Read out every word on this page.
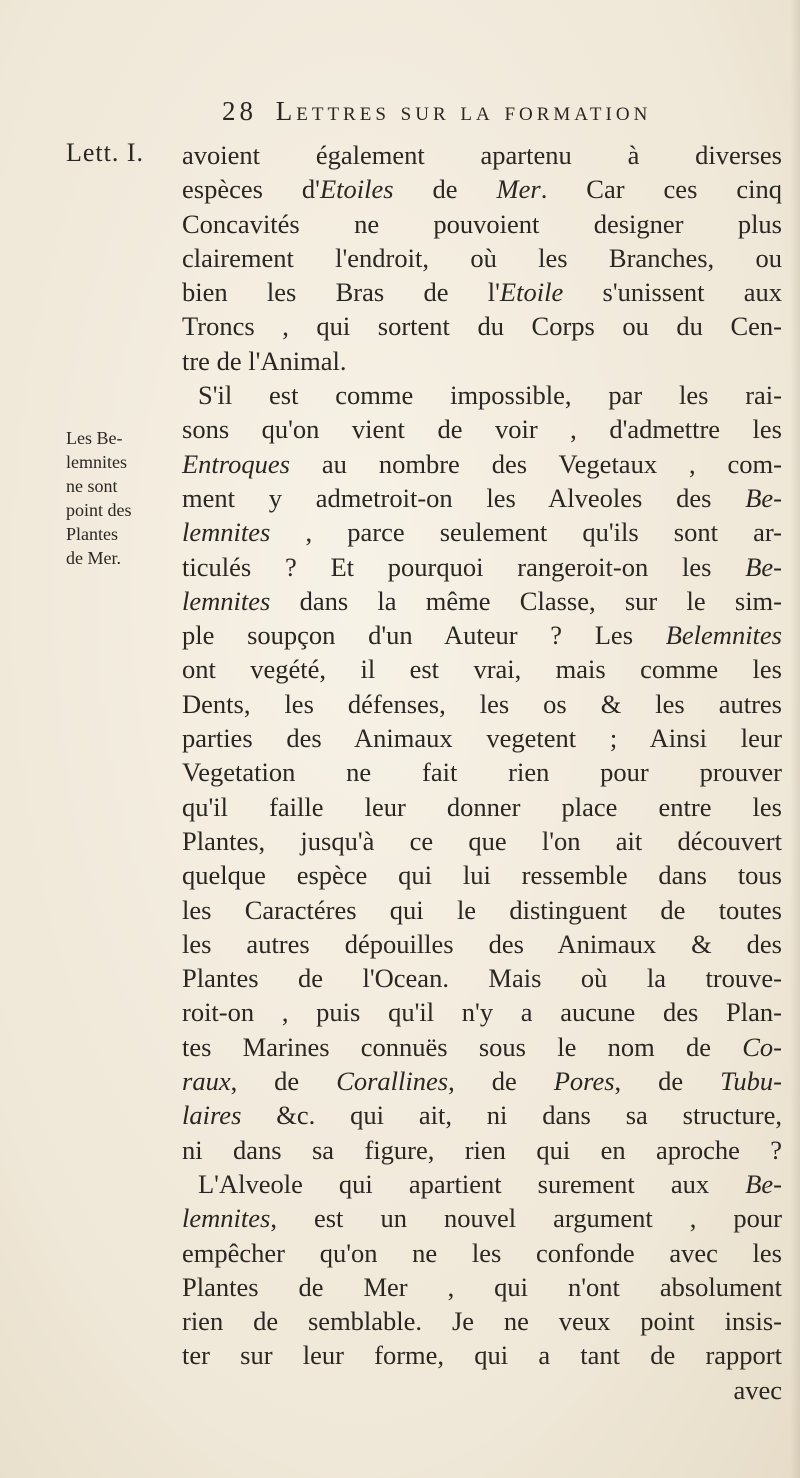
28 Lettres sur la formation
Lett. I.
Les Be-
lemnites
ne sont
point des
Plantes
de Mer.
avoient également apartenu à diverses
espèces d'Etoiles de Mer. Car ces cinq
Concavités ne pouvoient designer plus
clairement l'endroit, où les Branches, ou
bien les Bras de l'Etoile s'unissent aux
Troncs , qui sortent du Corps ou du Cen-
tre de l'Animal.
S'il est comme impossible, par les rai-
sons qu'on vient de voir , d'admettre les
Entroques au nombre des Vegetaux , com-
ment y admetroit-on les Alveoles des Be-
lemnites , parce seulement qu'ils sont ar-
ticulés ? Et pourquoi rangeroit-on les Be-
lemnites dans la même Classe, sur le sim-
ple soupçon d'un Auteur ? Les Belemnites
ont vegété, il est vrai, mais comme les
Dents, les défenses, les os & les autres
parties des Animaux vegetent ; Ainsi leur
Vegetation ne fait rien pour prouver
qu'il faille leur donner place entre les
Plantes, jusqu'à ce que l'on ait découvert
quelque espèce qui lui ressemble dans tous
les Caractéres qui le distinguent de toutes
les autres dépouilles des Animaux & des
Plantes de l'Ocean. Mais où la trouve-
roit-on , puis qu'il n'y a aucune des Plan-
tes Marines connuës sous le nom de Co-
raux, de Corallines, de Pores, de Tubu-
laires &c. qui ait, ni dans sa structure,
ni dans sa figure, rien qui en aproche ?
L'Alveole qui apartient surement aux Be-
lemnites, est un nouvel argument , pour
empêcher qu'on ne les confonde avec les
Plantes de Mer , qui n'ont absolument
rien de semblable. Je ne veux point insis-
ter sur leur forme, qui a tant de rapport
avec
